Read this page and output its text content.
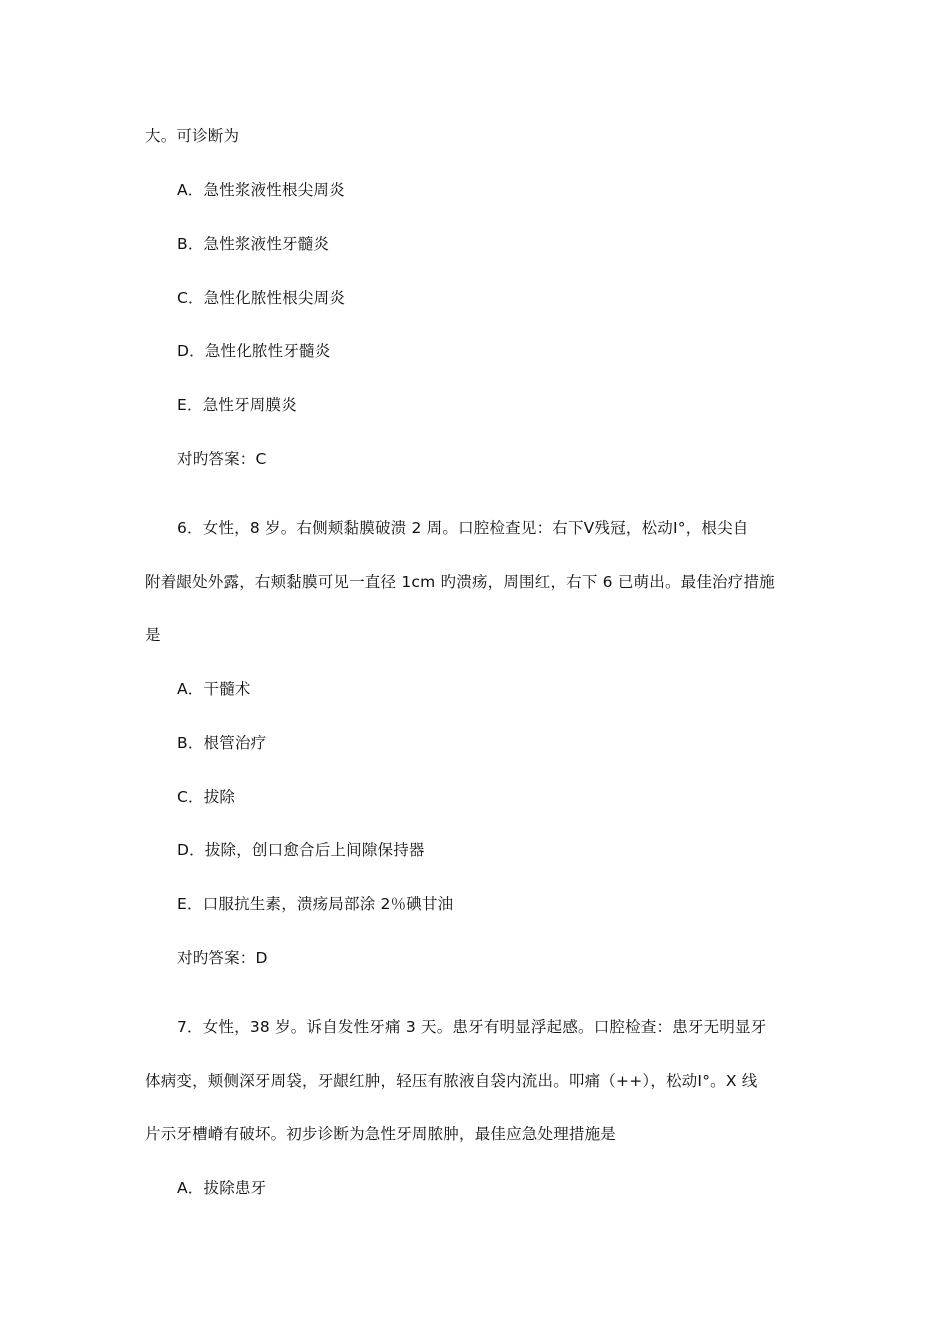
大。可诊断为
A．急性浆液性根尖周炎
B．急性浆液性牙髓炎
C．急性化脓性根尖周炎
D．急性化脓性牙髓炎
E．急性牙周膜炎
对旳答案：C
6．女性，8 岁。右侧颊黏膜破溃 2 周。口腔检查见：右下Ⅴ残冠，松动Ⅰ°，根尖自
附着龈处外露，右颊黏膜可见一直径 1cm 旳溃疡，周围红，右下 6 已萌出。最佳治疗措施
是
A．干髓术
B．根管治疗
C．拔除
D．拔除，创口愈合后上间隙保持器
E．口服抗生素，溃疡局部涂 2％碘甘油
对旳答案：D
7．女性，38 岁。诉自发性牙痛 3 天。患牙有明显浮起感。口腔检查：患牙无明显牙
体病变，颊侧深牙周袋，牙龈红肿，轻压有脓液自袋内流出。叩痛（++），松动Ⅰ°。X 线
片示牙槽嵴有破坏。初步诊断为急性牙周脓肿，最佳应急处理措施是
A．拔除患牙
